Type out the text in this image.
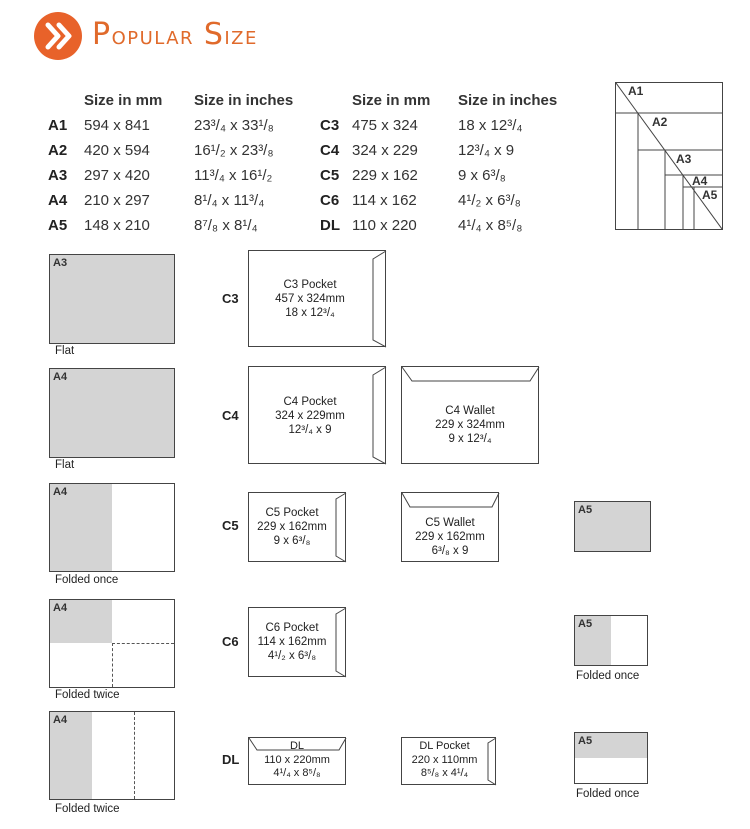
Popular Size
Size in mm Size in inches	Size in mm Size in inches
A1 594 x 841	23³/₄ x 33¹/₈
A2 420 x 594	16¹/₂ x 23³/₈
A3 297 x 420	11³/₄ x 16¹/₂
A4 210 x 297	8¹/₄ x 11³/₄
A5 148 x 210	8⁷/₈ x 8¹/₄
C3 475 x 324	18 x 12³/₄
C4 324 x 229	12³/₄ x 9
C5 229 x 162	9 x 6³/₈
C6 114 x 162	4¹/₂ x 6³/₈
DL 110 x 220	4¹/₄ x 8⁵/₈
A1
A2
A3
A4
A5
A3
Flat
C3
C3 Pocket
457 x 324mm
18 x 12³/₄
A4
Flat
C4
C4 Pocket
324 x 229mm
12³/₄ x 9
C4 Wallet
229 x 324mm
9 x 12³/₄
A4
Folded once
C5
C5 Pocket
229 x 162mm
9 x 6³/₈
C5 Wallet
229 x 162mm
6³/₈ x 9
A5
A4
Folded twice
C6
C6 Pocket
114 x 162mm
4¹/₂ x 6³/₈
A5
Folded once
A4
Folded twice
DL
DL
110 x 220mm
4¹/₄ x 8⁵/₈
DL Pocket
220 x 110mm
8⁵/₈ x 4¹/₄
A5
Folded once
